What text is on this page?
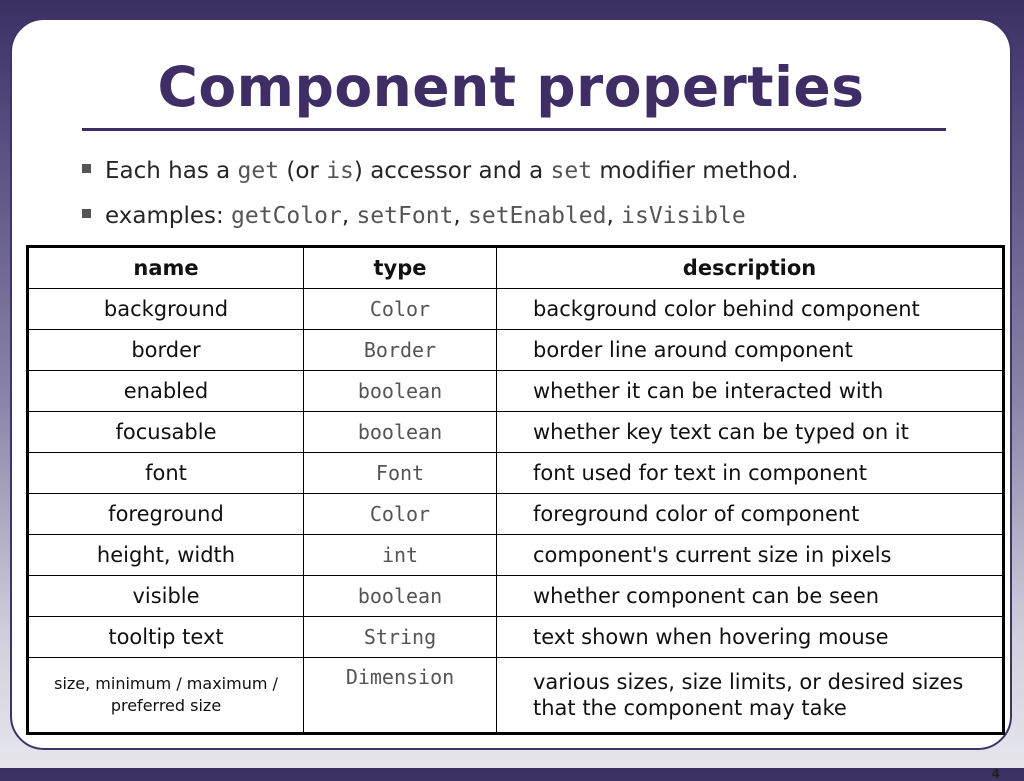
Component properties
Each has a get (or is) accessor and a set modifier method.
examples: getColor, setFont, setEnabled, isVisible
name	type	description
background	Color	background color behind component
border	Border	border line around component
enabled	boolean	whether it can be interacted with
focusable	boolean	whether key text can be typed on it
font	Font	font used for text in component
foreground	Color	foreground color of component
height, width	int	component's current size in pixels
visible	boolean	whether component can be seen
tooltip text	String	text shown when hovering mouse
size, minimum / maximum / preferred size	Dimension	various sizes, size limits, or desired sizes that the component may take
4
